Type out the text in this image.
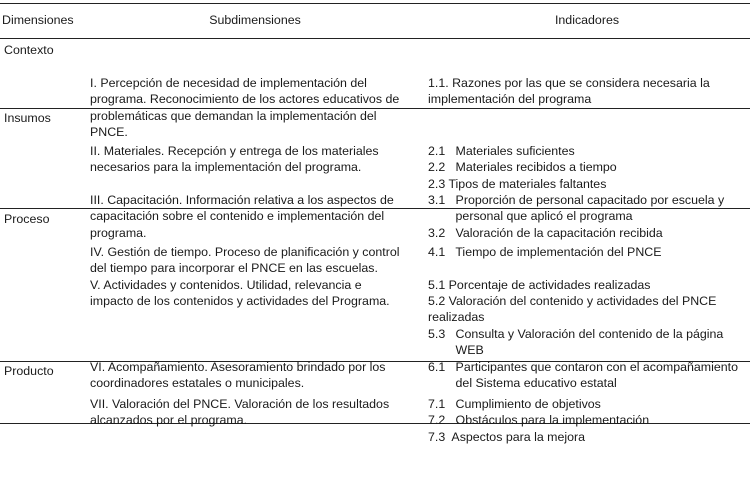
Dimensiones	Subdimensiones	Indicadores
Contexto

I. Percepción de necesidad de implementación del
programa. Reconocimiento de los actores educativos de
problemáticas que demandan la implementación del
PNCE.

1.1. Razones por las que se considera necesaria la
implementación del programa

Insumos

II. Materiales. Recepción y entrega de los materiales
necesarios para la implementación del programa.
III. Capacitación. Información relativa a los aspectos de
capacitación sobre el contenido e implementación del
programa.

2.1   Materiales suficientes
2.2   Materiales recibidos a tiempo
2.3 Tipos de materiales faltantes
3.1   Proporción de personal capacitado por escuela y
personal que aplicó el programa
3.2   Valoración de la capacitación recibida

Proceso

IV. Gestión de tiempo. Proceso de planificación y control
del tiempo para incorporar el PNCE en las escuelas.
V. Actividades y contenidos. Utilidad, relevancia e
impacto de los contenidos y actividades del Programa.
VI. Acompañamiento. Asesoramiento brindado por los
coordinadores estatales o municipales.

4.1   Tiempo de implementación del PNCE
5.1 Porcentaje de actividades realizadas
5.2 Valoración del contenido y actividades del PNCE
realizadas
5.3   Consulta y Valoración del contenido de la página
WEB
6.1   Participantes que contaron con el acompañamiento
del Sistema educativo estatal

Producto

VII. Valoración del PNCE. Valoración de los resultados
alcanzados por el programa.

7.1   Cumplimiento de objetivos
7.2   Obstáculos para la implementación
7.3  Aspectos para la mejora
